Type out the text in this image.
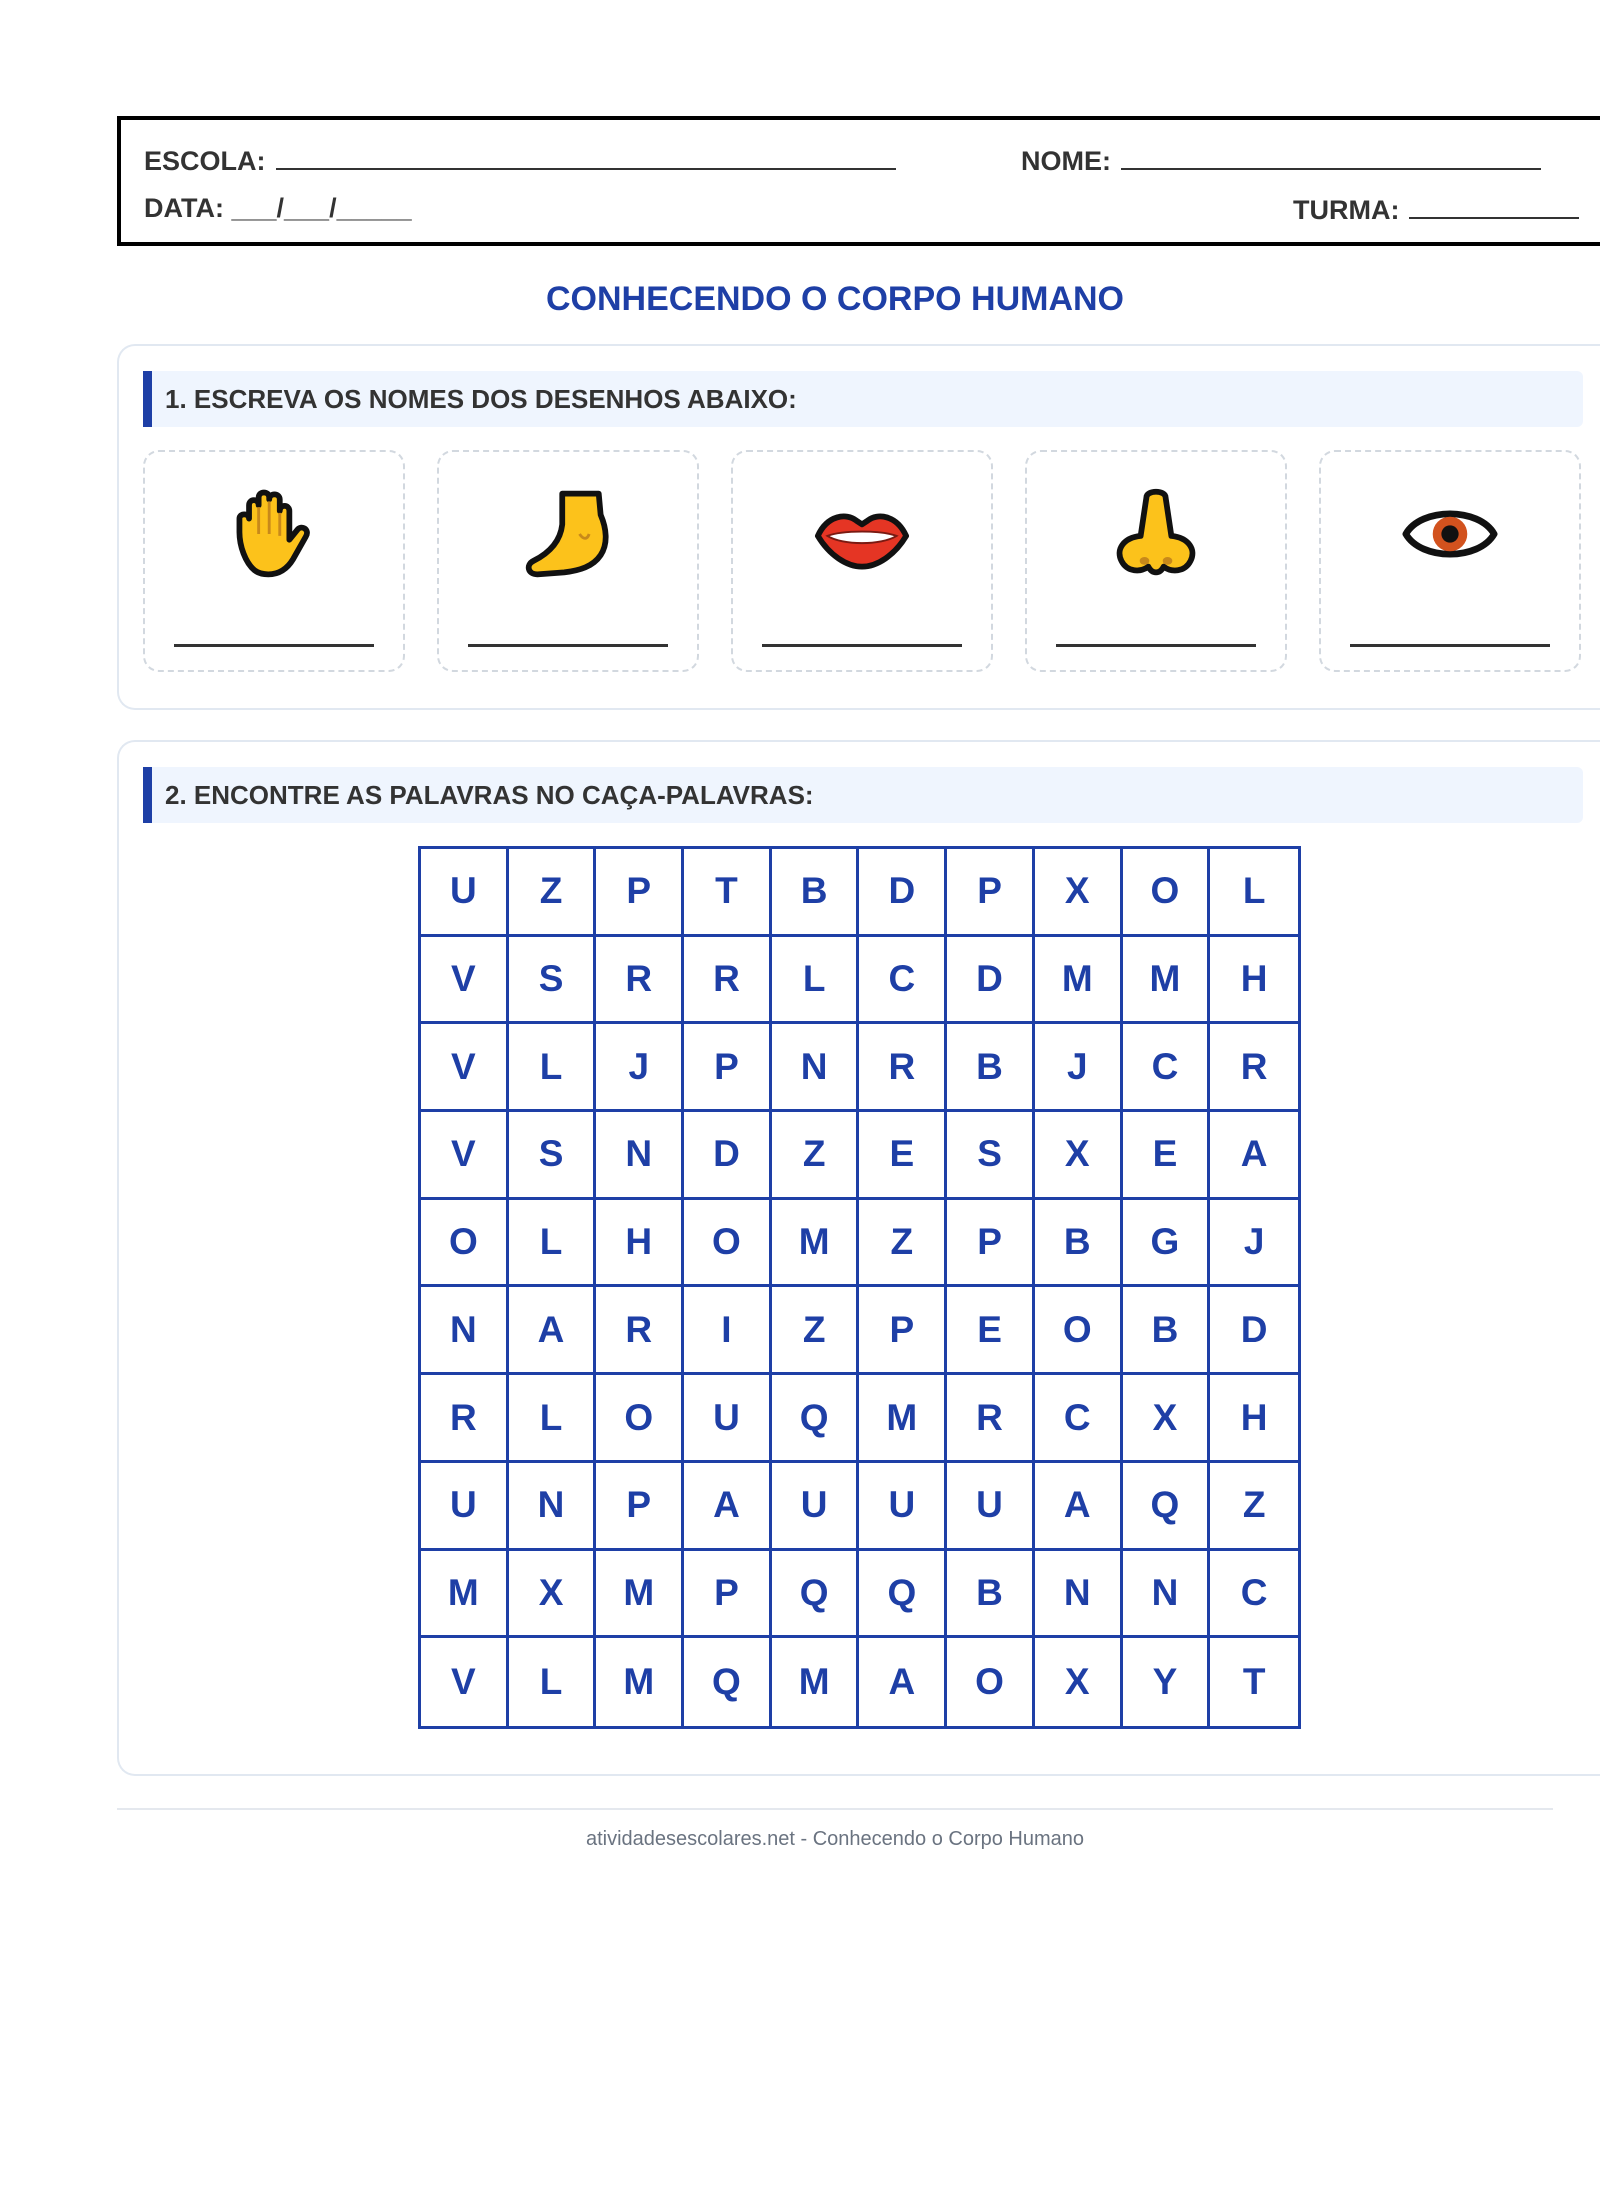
ESCOLA:	NOME:
DATA: ___/___/_____	TURMA:
CONHECENDO O CORPO HUMANO
1. ESCREVA OS NOMES DOS DESENHOS ABAIXO:
2. ENCONTRE AS PALAVRAS NO CAÇA-PALAVRAS:
U	Z	P	T	B	D	P	X	O	L
V	S	R	R	L	C	D	M	M	H
V	L	J	P	N	R	B	J	C	R
V	S	N	D	Z	E	S	X	E	A
O	L	H	O	M	Z	P	B	G	J
N	A	R	I	Z	P	E	O	B	D
R	L	O	U	Q	M	R	C	X	H
U	N	P	A	U	U	U	A	Q	Z
M	X	M	P	Q	Q	B	N	N	C
V	L	M	Q	M	A	O	X	Y	T
atividadesescolares.net - Conhecendo o Corpo Humano
